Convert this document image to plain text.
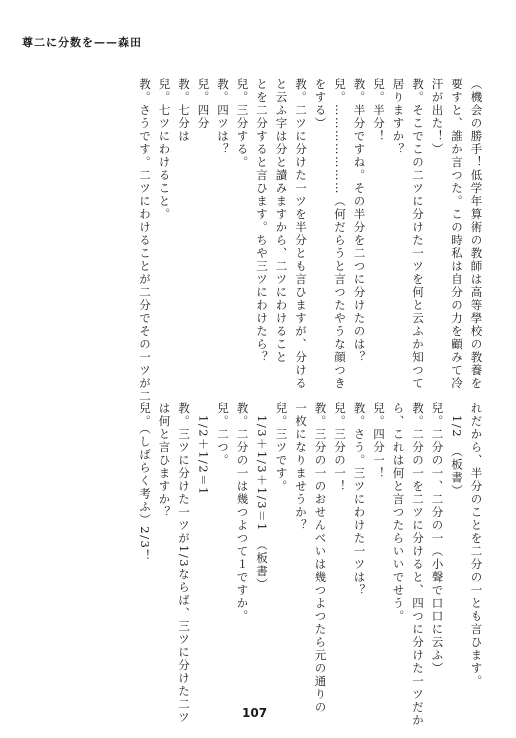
尊二に分数を——森田
（機会の勝手！低学年算術の教師は高等學校の教養を
要すと、誰か言つた。この時私は自分の力を顧みて冷
汗が出た！）
教。そこでこの二ツに分けた一ツを何と云ふか知つて
居りますか？
兒。半分！
教。半分ですね。その半分を二つに分けたのは？
兒。…………………（何だらうと言つたやうな顔つき
をする）
教。二ツに分けた一ツを半分とも言ひますが、分ける
と云ふ字は分と讀みますから、二ツにわけること
とを二分すると言ひます。ちや三ツにわけたら？
兒。三分する。
教。四ツは？
兒。四分
教。七分は
兒。七ツにわけること。
教。さうです。二ツにわけることが二分でその一ツが二
れだから、半分のことを二分の一とも言ひます。
　1/2　（板書）
兒。二分の一、二分の一（小聲で口口に云ふ）
教。二分の一を二ツに分けると、四つに分けた一ツだか
ら、これは何と言つたらいいでせう。
兒。四分一！
教。さう。三ツにわけた一ツは？
兒。三分の一！
教。三分の一のおせんべいは幾つよつたら元の通りの
一枚になりませうか？
兒。三ツです。
　1/3＋1/3＋1/3＝1　（板書）
教。二分の一は幾つよつて１ですか。
兒。二つ。
　1/2＋1/2＝1
教。三ツに分けた一ツが1/3ならば、三ツに分けた二ツ
は何と言ひますか？
兒。（しばらく考ふ）2/3！
107
